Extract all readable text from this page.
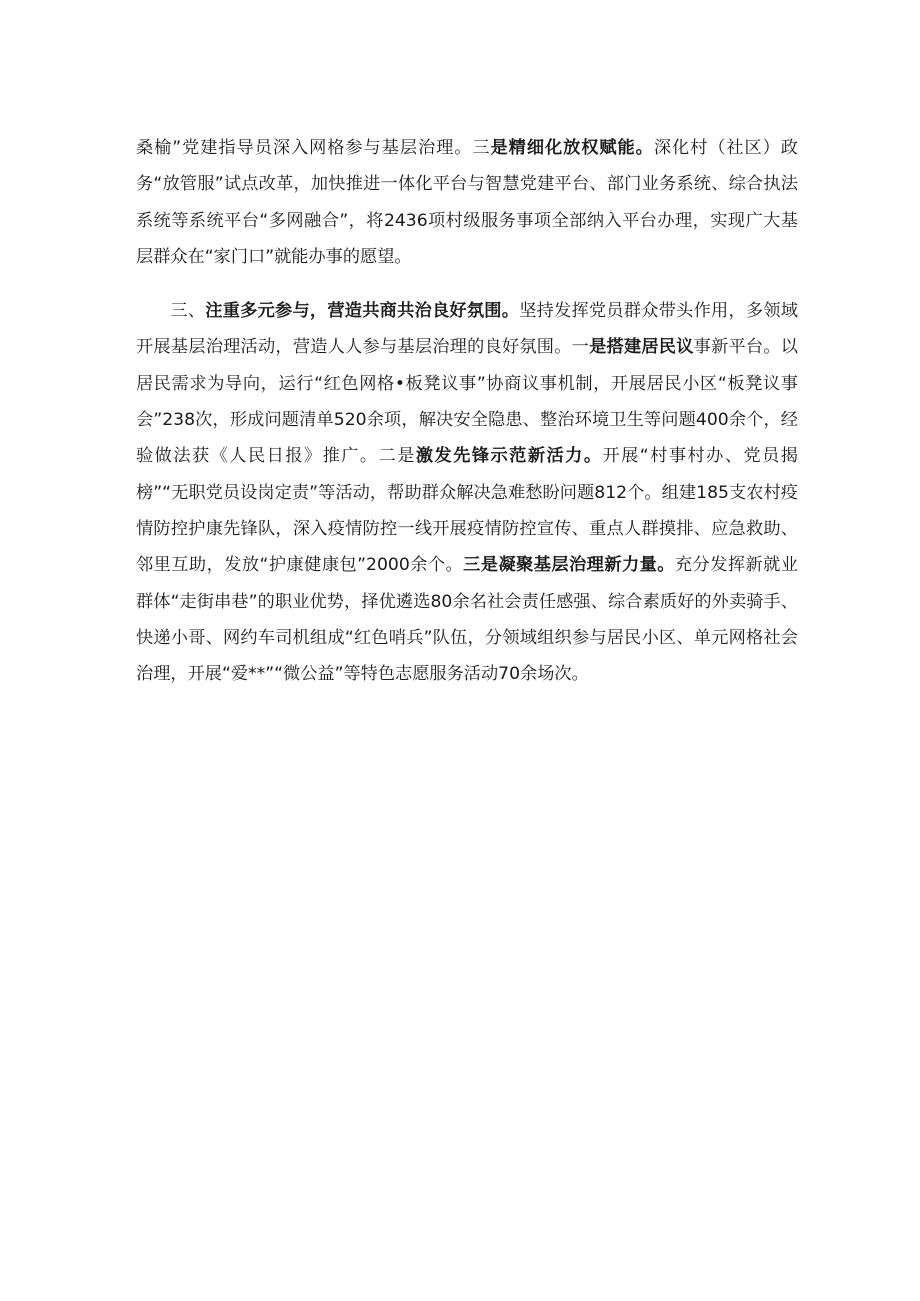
桑榆”党建指导员深入网格参与基层治理。三是精细化放权赋能。深化村（社区）政务“放管服”试点改革，加快推进一体化平台与智慧党建平台、部门业务系统、综合执法系统等系统平台“多网融合”，将2436项村级服务事项全部纳入平台办理，实现广大基层群众在“家门口”就能办事的愿望。

三、注重多元参与，营造共商共治良好氛围。坚持发挥党员群众带头作用，多领域开展基层治理活动，营造人人参与基层治理的良好氛围。一是搭建居民议事新平台。以居民需求为导向，运行“红色网格•板凳议事”协商议事机制，开展居民小区“板凳议事会”238次，形成问题清单520余项，解决安全隐患、整治环境卫生等问题400余个，经验做法获《人民日报》推广。二是激发先锋示范新活力。开展“村事村办、党员揭榜”“无职党员设岗定责”等活动，帮助群众解决急难愁盼问题812个。组建185支农村疫情防控护康先锋队，深入疫情防控一线开展疫情防控宣传、重点人群摸排、应急救助、邻里互助，发放“护康健康包”2000余个。三是凝聚基层治理新力量。充分发挥新就业群体“走街串巷”的职业优势，择优遴选80余名社会责任感强、综合素质好的外卖骑手、快递小哥、网约车司机组成“红色哨兵”队伍，分领域组织参与居民小区、单元网格社会治理，开展“爱**”“微公益”等特色志愿服务活动70余场次。
